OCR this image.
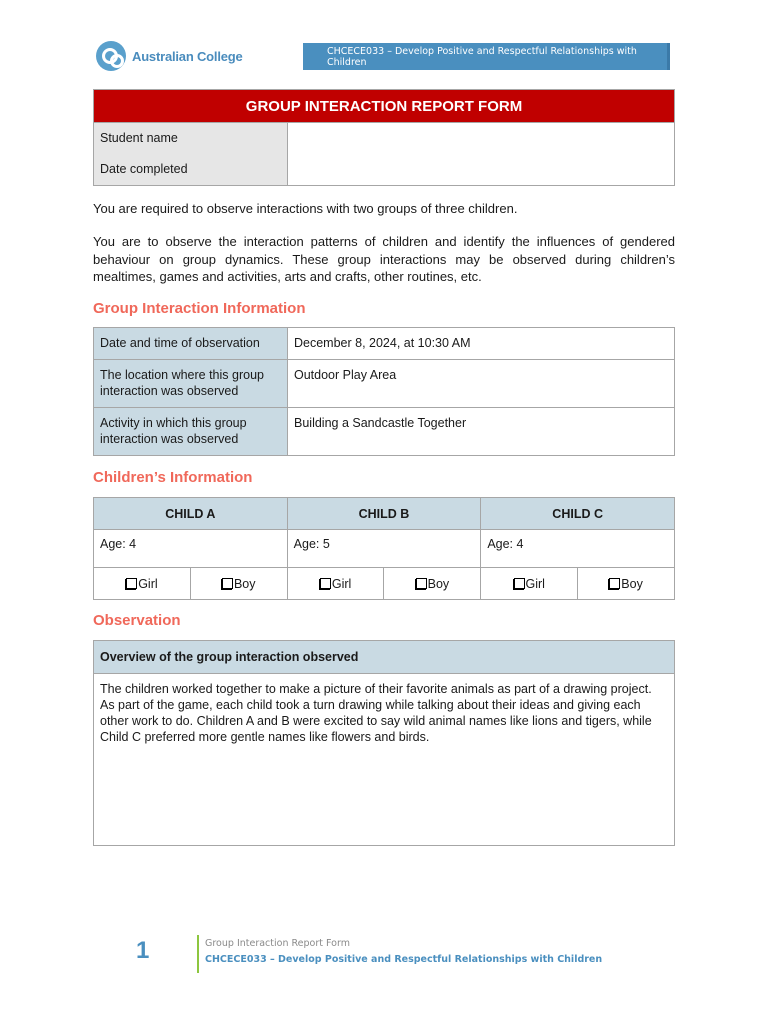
Australian College	CHCECE033 – Develop Positive and Respectful Relationships with Children
GROUP INTERACTION REPORT FORM
Student name
Date completed

You are required to observe interactions with two groups of three children.
You are to observe the interaction patterns of children and identify the influences of gendered behaviour on group dynamics. These group interactions may be observed during children’s mealtimes, games and activities, arts and crafts, other routines, etc.
Group Interaction Information
Date and time of observation	December 8, 2024, at 10:30 AM
The location where this group interaction was observed	Outdoor Play Area
Activity in which this group interaction was observed	Building a Sandcastle Together
Children’s Information
CHILD A		CHILD B		CHILD C	
Age: 4		Age: 5		Age: 4	
Girl	Boy	Girl	Boy	Girl	Boy
Observation
Overview of the group interaction observed
The children worked together to make a picture of their favorite animals as part of a drawing project. As part of the game, each child took a turn drawing while talking about their ideas and giving each other work to do. Children A and B were excited to say wild animal names like lions and tigers, while Child C preferred more gentle names like flowers and birds.
1	Group Interaction Report Form
CHCECE033 – Develop Positive and Respectful Relationships with Children
